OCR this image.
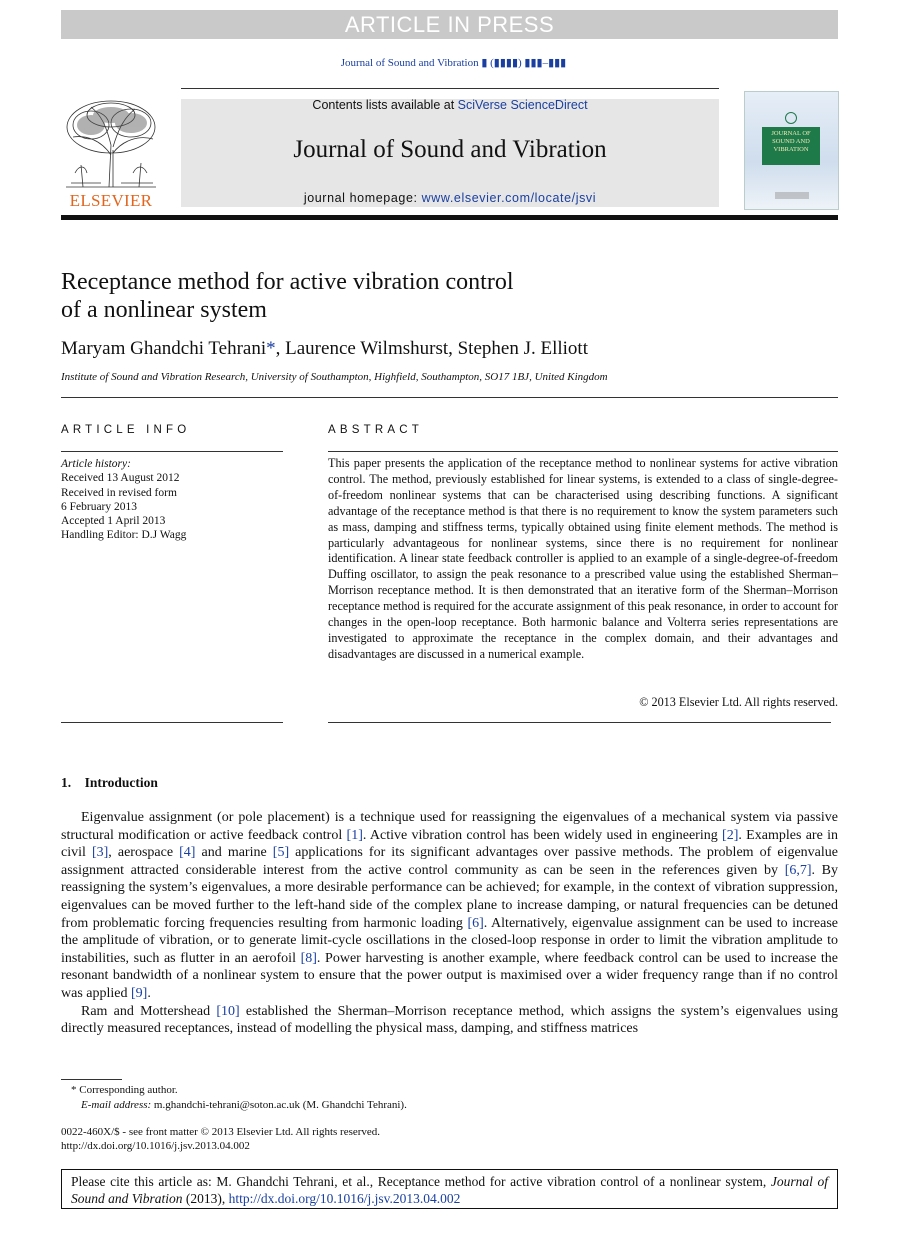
ARTICLE IN PRESS
Journal of Sound and Vibration ▮ (▮▮▮▮) ▮▮▮–▮▮▮
ELSEVIER
Contents lists available at SciVerse ScienceDirect
Journal of Sound and Vibration
journal homepage: www.elsevier.com/locate/jsvi
JOURNAL OF SOUND AND VIBRATION
Receptance method for active vibration control
of a nonlinear system
Maryam Ghandchi Tehrani*, Laurence Wilmshurst, Stephen J. Elliott
Institute of Sound and Vibration Research, University of Southampton, Highfield, Southampton, SO17 1BJ, United Kingdom
ARTICLE INFO	ABSTRACT
Article history:
Received 13 August 2012
Received in revised form
6 February 2013
Accepted 1 April 2013
Handling Editor: D.J Wagg
This paper presents the application of the receptance method to nonlinear systems for active vibration control. The method, previously established for linear systems, is extended to a class of single-degree-of-freedom nonlinear systems that can be characterised using describing functions. A significant advantage of the receptance method is that there is no requirement to know the system parameters such as mass, damping and stiffness terms, typically obtained using finite element methods. The method is particularly advantageous for nonlinear systems, since there is no requirement for nonlinear identification. A linear state feedback controller is applied to an example of a single-degree-of-freedom Duffing oscillator, to assign the peak resonance to a prescribed value using the established Sherman–Morrison receptance method. It is then demonstrated that an iterative form of the Sherman–Morrison receptance method is required for the accurate assignment of this peak resonance, in order to account for changes in the open-loop receptance. Both harmonic balance and Volterra series representations are investigated to approximate the receptance in the complex domain, and their advantages and disadvantages are discussed in a numerical example.
© 2013 Elsevier Ltd. All rights reserved.
1. Introduction

Eigenvalue assignment (or pole placement) is a technique used for reassigning the eigenvalues of a mechanical system via passive structural modification or active feedback control [1]. Active vibration control has been widely used in engineering [2]. Examples are in civil [3], aerospace [4] and marine [5] applications for its significant advantages over passive methods. The problem of eigenvalue assignment attracted considerable interest from the active control community as can be seen in the references given by [6,7]. By reassigning the system’s eigenvalues, a more desirable performance can be achieved; for example, in the context of vibration suppression, eigenvalues can be moved further to the left-hand side of the complex plane to increase damping, or natural frequencies can be detuned from problematic forcing frequencies resulting from harmonic loading [6]. Alternatively, eigenvalue assignment can be used to increase the amplitude of vibration, or to generate limit-cycle oscillations in the closed-loop response in order to limit the vibration amplitude to instabilities, such as flutter in an aerofoil [8]. Power harvesting is another example, where feedback control can be used to increase the resonant bandwidth of a nonlinear system to ensure that the power output is maximised over a wider frequency range than if no control was applied [9].

Ram and Mottershead [10] established the Sherman–Morrison receptance method, which assigns the system’s eigenvalues using directly measured receptances, instead of modelling the physical mass, damping, and stiffness matrices

* Corresponding author.
E-mail address: m.ghandchi-tehrani@soton.ac.uk (M. Ghandchi Tehrani).
0022-460X/$ - see front matter © 2013 Elsevier Ltd. All rights reserved.
http://dx.doi.org/10.1016/j.jsv.2013.04.002
Please cite this article as: M. Ghandchi Tehrani, et al., Receptance method for active vibration control of a nonlinear system, Journal of Sound and Vibration (2013), http://dx.doi.org/10.1016/j.jsv.2013.04.002
